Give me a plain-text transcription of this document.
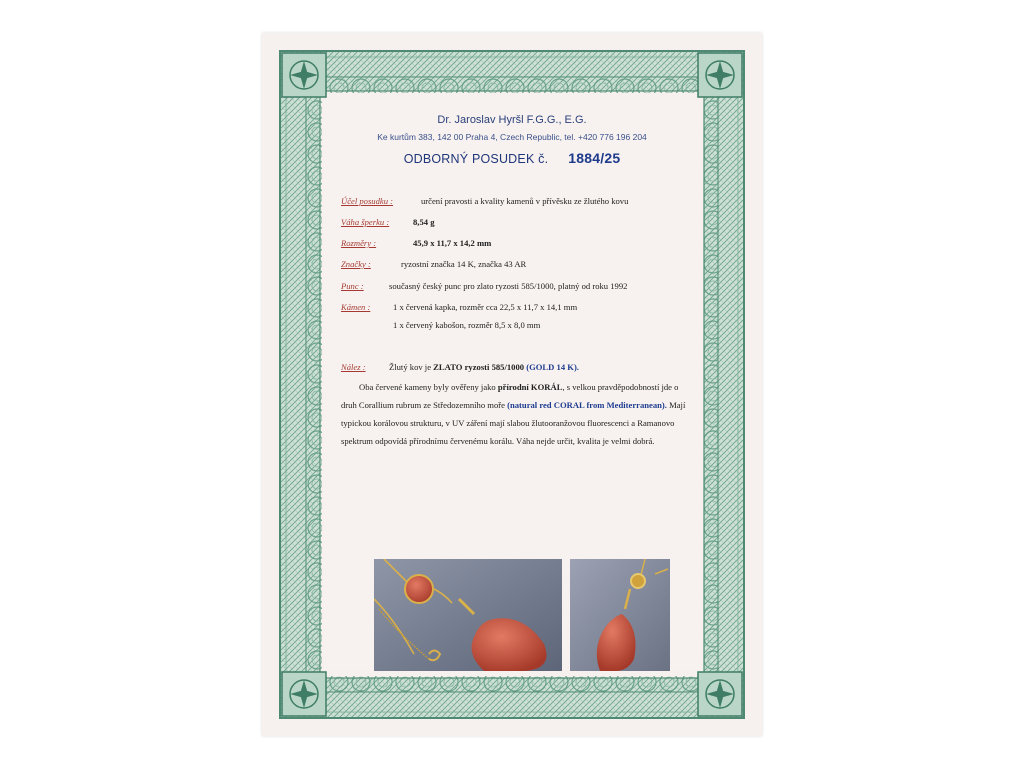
Dr. Jaroslav Hyršl F.G.G., E.G.
Ke kurtům 383, 142 00 Praha 4, Czech Republic, tel. +420 776 196 204
ODBORNÝ POSUDEK č. 1884/25
Účel posudku :	určení pravosti a kvality kamenů v přívěsku ze žlutého kovu
Váha šperku :	8,54 g
Rozměry :	45,9 x 11,7 x 14,2 mm
Značky :	ryzostní značka 14 K, značka 43 AR
Punc :	současný český punc pro zlato ryzosti 585/1000, platný od roku 1992
Kámen :	1 x červená kapka, rozměr cca 22,5 x 11,7 x 14,1 mm
1 x červený kabošon, rozměr 8,5 x 8,0 mm
Nález :	Žlutý kov je ZLATO ryzosti 585/1000 (GOLD 14 K).
Oba červené kameny byly ověřeny jako přírodní KORÁL, s velkou pravděpodobností jde o druh Corallium rubrum ze Středozemního moře (natural red CORAL from Mediterranean). Mají typickou korálovou strukturu, v UV záření mají slabou žlutooranžovou fluorescenci a Ramanovo spektrum odpovídá přírodnímu červenému korálu. Váha nejde určit, kvalita je velmi dobrá.
